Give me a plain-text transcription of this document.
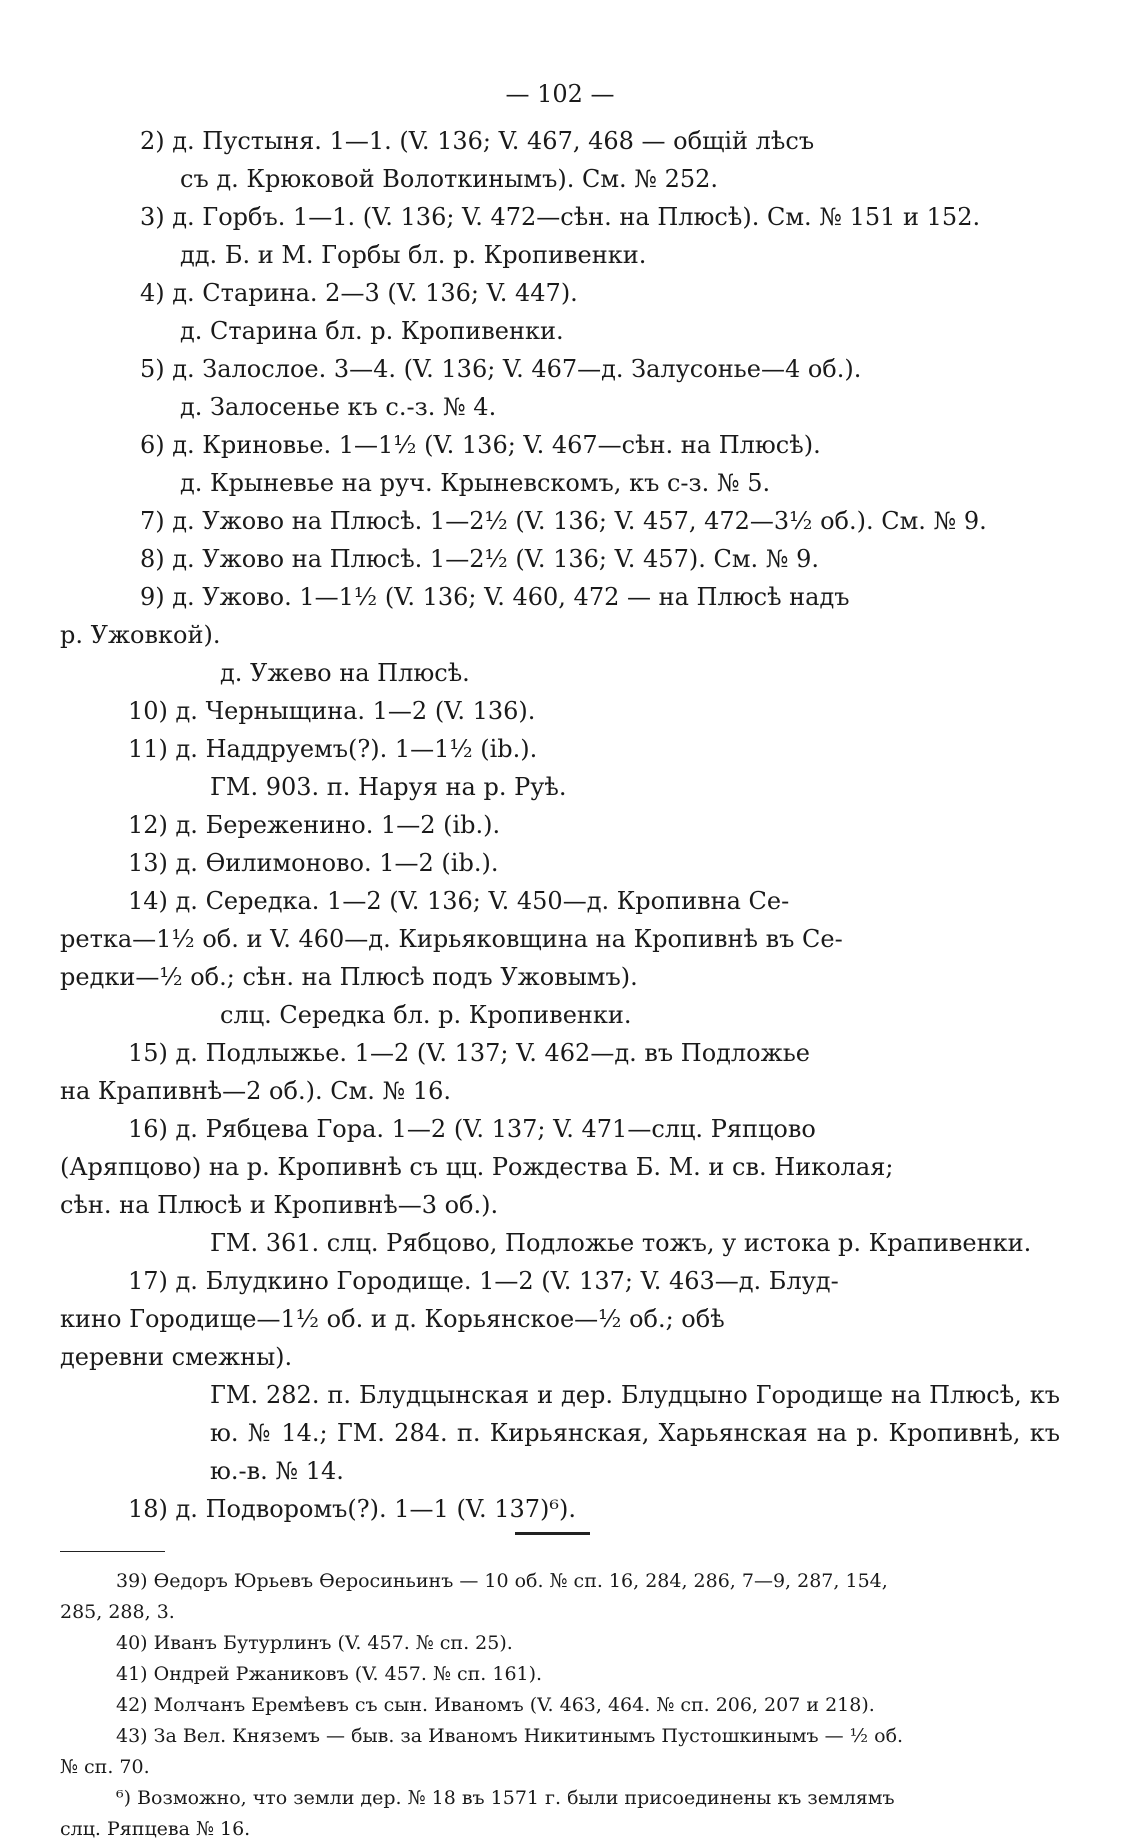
— 102 —

2) д. Пустыня. 1—1. (V. 136; V. 467, 468 — общій лѣсъ

съ д. Крюковой Волоткинымъ). См. № 252.

3) д. Горбъ. 1—1. (V. 136; V. 472—сѣн. на Плюсѣ). См. № 151 и 152.

дд. Б. и М. Горбы бл. р. Кропивенки.

4) д. Старина. 2—3 (V. 136; V. 447).

д. Старина бл. р. Кропивенки.

5) д. Залослое. 3—4. (V. 136; V. 467—д. Залусонье—4 об.).

д. Залосенье къ с.-з. № 4.

6) д. Криновье. 1—1½ (V. 136; V. 467—сѣн. на Плюсѣ).

д. Крыневье на руч. Крыневскомъ, къ с-з. № 5.

7) д. Ужово на Плюсѣ. 1—2½ (V. 136; V. 457, 472—3½ об.). См. № 9.

8) д. Ужово на Плюсѣ. 1—2½ (V. 136; V. 457). См. № 9.

9) д. Ужово. 1—1½ (V. 136; V. 460, 472 — на Плюсѣ надъ

р. Ужовкой).

д. Ужево на Плюсѣ.

10) д. Черныщина. 1—2 (V. 136).

11) д. Наддруемъ(?). 1—1½ (ib.).

ГМ. 903. п. Наруя на р. Руѣ.

12) д. Береженино. 1—2 (ib.).

13) д. Ѳилимоново. 1—2 (ib.).

14) д. Середка. 1—2 (V. 136; V. 450—д. Кропивна Се-

ретка—1½ об. и V. 460—д. Кирьяковщина на Кропивнѣ въ Се-

редки—½ об.; сѣн. на Плюсѣ подъ Ужовымъ).

слц. Середка бл. р. Кропивенки.

15) д. Подлыжье. 1—2 (V. 137; V. 462—д. въ Подложье

на Крапивнѣ—2 об.). См. № 16.

16) д. Рябцева Гора. 1—2 (V. 137; V. 471—слц. Ряпцово

(Аряпцово) на р. Кропивнѣ съ цц. Рождества Б. М. и св. Николая;

сѣн. на Плюсѣ и Кропивнѣ—3 об.).

ГМ. 361. слц. Рябцово, Подложье тожъ, у истока р. Крапивенки.

17) д. Блудкино Городище. 1—2 (V. 137; V. 463—д. Блуд-

кино Городище—1½ об. и д. Корьянское—½ об.; обѣ

деревни смежны).

ГМ. 282. п. Блудцынская и дер. Блудцыно Городище на Плюсѣ, къ ю. № 14.; ГМ. 284. п. Кирьянская, Харьянская на р. Кропивнѣ, къ ю.-в. № 14.

18) д. Подворомъ(?). 1—1 (V. 137)⁶).

39) Ѳедоръ Юрьевъ Ѳеросиньинъ — 10 об. № сп. 16, 284, 286, 7—9, 287, 154,

285, 288, 3.

40) Иванъ Бутурлинъ (V. 457. № сп. 25).

41) Ондрей Ржаниковъ (V. 457. № сп. 161).

42) Молчанъ Еремѣевъ съ сын. Иваномъ (V. 463, 464. № сп. 206, 207 и 218).

43) За Вел. Княземъ — быв. за Иваномъ Никитинымъ Пустошкинымъ — ½ об.

№ сп. 70.

⁶) Возможно, что земли дер. № 18 въ 1571 г. были присоединены къ землямъ

слц. Ряпцева № 16.
